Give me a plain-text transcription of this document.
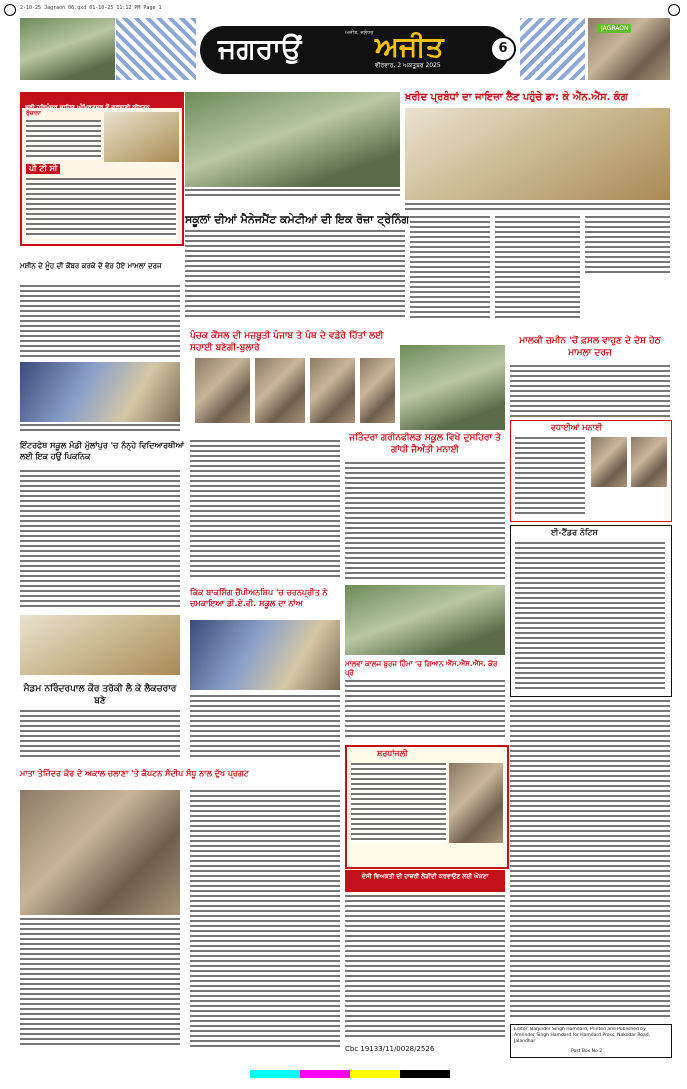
2-10-25 Jagraon 06.qxd 01-10-25 11:12 PM Page 1
ਜਗਰਾਉਂ	ਅਜੀਤ
ਅਜੀਤ, ਜਲੰਧਰ
ਵੀਰਵਾਰ, 2 ਅਕਤੂਬਰ 2025
6
JAGRAON
ਸ੍ਰੀ ਹਰਿਮੰਦਰ ਸਾਹਿਬ ਅੰਮ੍ਰਿਤਸਰ ਤੋਂ ਗੁਰਬਾਣੀ ਕੀਰਤਨ
ਰੋਜ਼ਾਨਾ
ਪੀ ਟੀ ਸੀ
ਖ਼ਰੀਦ ਪ੍ਰਬੰਧਾਂ ਦਾ ਜਾਇਜ਼ਾ ਲੈਣ ਪਹੁੰਚੇ ਡਾ: ਕੇ ਐੱਨ.ਐੱਸ. ਕੰਗ
ਸਕੂਲਾਂ ਦੀਆਂ ਮੈਨੇਜਮੈਂਟ ਕਮੇਟੀਆਂ ਦੀ ਇਕ ਰੋਜ਼ਾ ਟ੍ਰੇਨਿੰਗ
ਮਸ਼ੀਨ ਦੇ ਮੂੰਹ ਦੀ ਕੋਂਬਰ ਕਰਕੇ ਦੋ ਵੇਰ ਹੋਏ ਮਾਮਲਾ ਦਰਜ
ਪੰਚਕ ਕੌਂਸਲ ਦੀ ਮਜ਼ਬੂਤੀ ਪੰਜਾਬ ਤੇ ਪੰਥ ਦੇ ਵਡੇਰੇ ਹਿੱਤਾਂ ਲਈ ਸਹਾਈ ਬਣੇਗੀ-ਬੁਲਾਰੇ
ਮਾਲਕੀ ਜ਼ਮੀਨ 'ਚੋਂ ਫ਼ਸਲ ਵਾਹੁਣ ਦੇ ਦੋਸ਼ ਹੇਠ ਮਾਮਲਾ ਦਰਜ
ਜਤਿੰਦਰਾ ਗਰੀਨਫੀਲਡ ਸਕੂਲ ਵਿਖੇ ਦੁਸਹਿਰਾ ਤੇ ਗਾਂਧੀ ਜੈਅੰਤੀ ਮਨਾਈ
ਵਧਾਈਆਂ ਮਨਾਈ
ਇੰਟਰਫੇਥ ਸਕੂਲ ਮੰਡੀ ਮੁੱਲਾਂਪੁਰ 'ਚ ਨੰਨ੍ਹੇ ਵਿਦਿਆਰਥੀਆਂ ਲਈ ਇਕ ਹਉਂ ਪਿਕਨਿਕ
ਈ-ਟੈਂਡਰ ਨੋਟਿਸ
ਕਿੱਕ ਬਾਕਸਿੰਗ ਚੈਂਪੀਅਨਸ਼ਿਪ 'ਚ ਚਰਨਪ੍ਰੀਤ ਨੇ ਚਮਕਾਇਆ ਡੀ.ਏ.ਵੀ. ਸਕੂਲ ਦਾ ਨਾਂਅ
ਮਾਲਵਾ ਕਾਲਜ ਬੁਰਜ ਹਿੰਮਾ 'ਚ ਗਿਆਨ ਐੱਸ.ਐੱਸ.ਐੱਸ. ਕੋਰ ਪ੍ਰੋ
ਮੈਡਮ ਨਰਿੰਦਰਪਾਲ ਕੌਰ ਤਰੱਕੀ ਲੈ ਕੇ ਲੈਕਚਰਾਰ ਬਣੇ
ਸ਼ਰਧਾਂਜਲੀ
ਮਾਤਾ ਤੇਜਿੰਦਰ ਕੌਰ ਦੇ ਅਕਾਲ ਚਲਾਣਾ 'ਤੇ ਕੈਪਟਨ ਸੰਦੀਪ ਸੰਧੂ ਨਾਲ ਦੁੱਖ ਪ੍ਰਗਟ
ਦੇਸੀ ਵਿਅਕਤੀ ਦੀ ਹਾਜ਼ਰੀ ਲੋੜੀਂਦੀ ਕਰਵਾਉਣ ਲਈ ਘੋਸ਼ਣਾ
Cbc 19133/11/0028/2526
Editor: Barjinder Singh Hamdard, Printed and Published by Amrinder Singh Hamdard for Hamdard Press, Nakodar Road, Jalandhar
Post Box No 2
